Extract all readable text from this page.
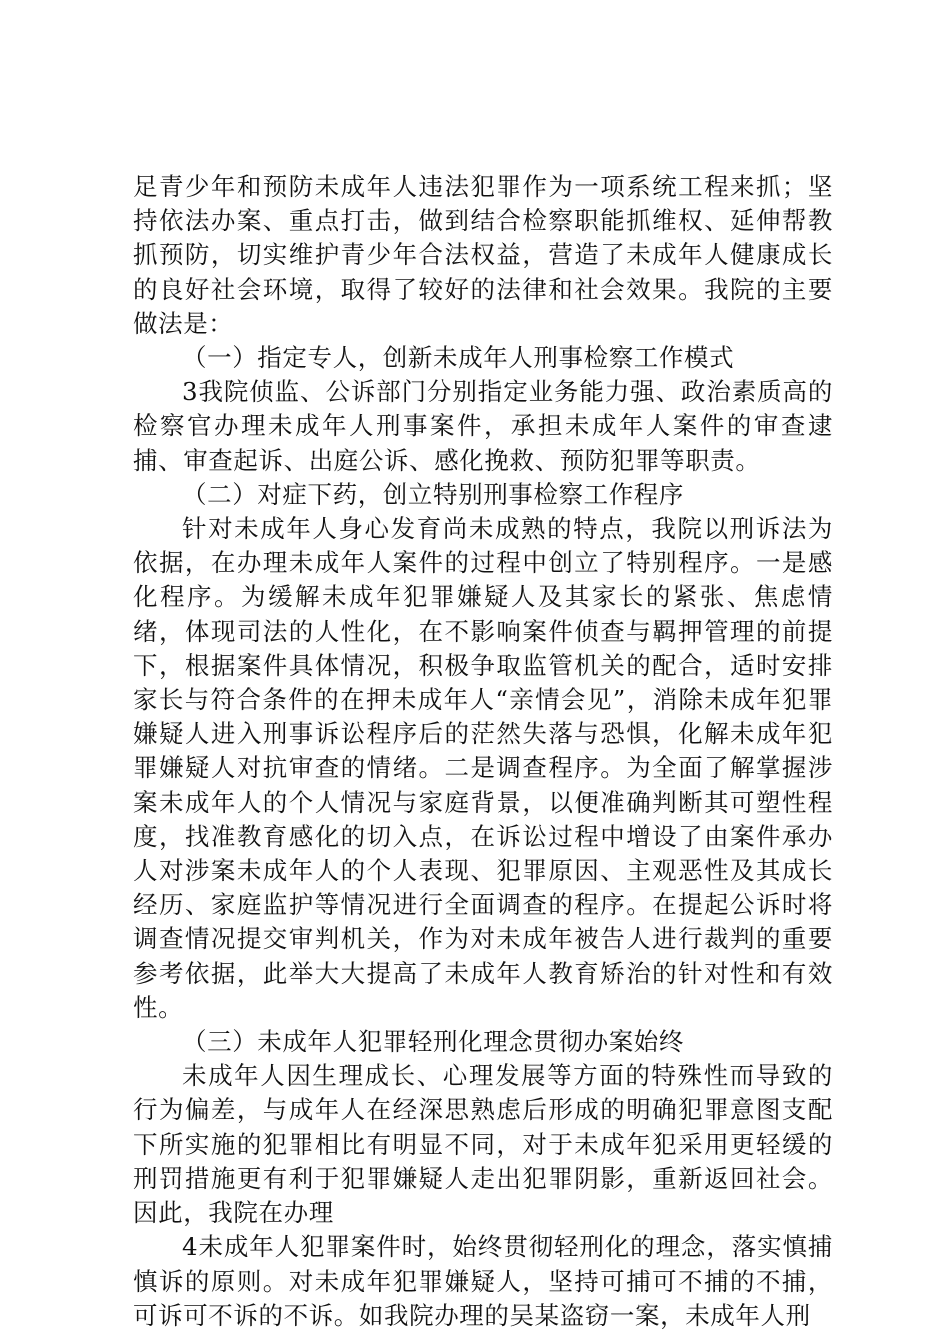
足青少年和预防未成年人违法犯罪作为一项系统工程来抓；坚持依法办案、重点打击，做到结合检察职能抓维权、延伸帮教抓预防，切实维护青少年合法权益，营造了未成年人健康成长的良好社会环境，取得了较好的法律和社会效果。我院的主要做法是：

（一）指定专人，创新未成年人刑事检察工作模式

3我院侦监、公诉部门分别指定业务能力强、政治素质高的检察官办理未成年人刑事案件，承担未成年人案件的审查逮捕、审查起诉、出庭公诉、感化挽救、预防犯罪等职责。

（二）对症下药，创立特别刑事检察工作程序

针对未成年人身心发育尚未成熟的特点，我院以刑诉法为依据，在办理未成年人案件的过程中创立了特别程序。一是感化程序。为缓解未成年犯罪嫌疑人及其家长的紧张、焦虑情绪，体现司法的人性化，在不影响案件侦查与羁押管理的前提下，根据案件具体情况，积极争取监管机关的配合，适时安排家长与符合条件的在押未成年人“亲情会见”，消除未成年犯罪嫌疑人进入刑事诉讼程序后的茫然失落与恐惧，化解未成年犯罪嫌疑人对抗审查的情绪。二是调查程序。为全面了解掌握涉案未成年人的个人情况与家庭背景，以便准确判断其可塑性程度，找准教育感化的切入点，在诉讼过程中增设了由案件承办人对涉案未成年人的个人表现、犯罪原因、主观恶性及其成长经历、家庭监护等情况进行全面调查的程序。在提起公诉时将调查情况提交审判机关，作为对未成年被告人进行裁判的重要参考依据，此举大大提高了未成年人教育矫治的针对性和有效性。

（三）未成年人犯罪轻刑化理念贯彻办案始终

未成年人因生理成长、心理发展等方面的特殊性而导致的行为偏差，与成年人在经深思熟虑后形成的明确犯罪意图支配下所实施的犯罪相比有明显不同，对于未成年犯采用更轻缓的刑罚措施更有利于犯罪嫌疑人走出犯罪阴影，重新返回社会。因此，我院在办理

4未成年人犯罪案件时，始终贯彻轻刑化的理念，落实慎捕慎诉的原则。对未成年犯罪嫌疑人，坚持可捕可不捕的不捕，可诉可不诉的不诉。如我院办理的吴某盗窃一案，未成年人刑
